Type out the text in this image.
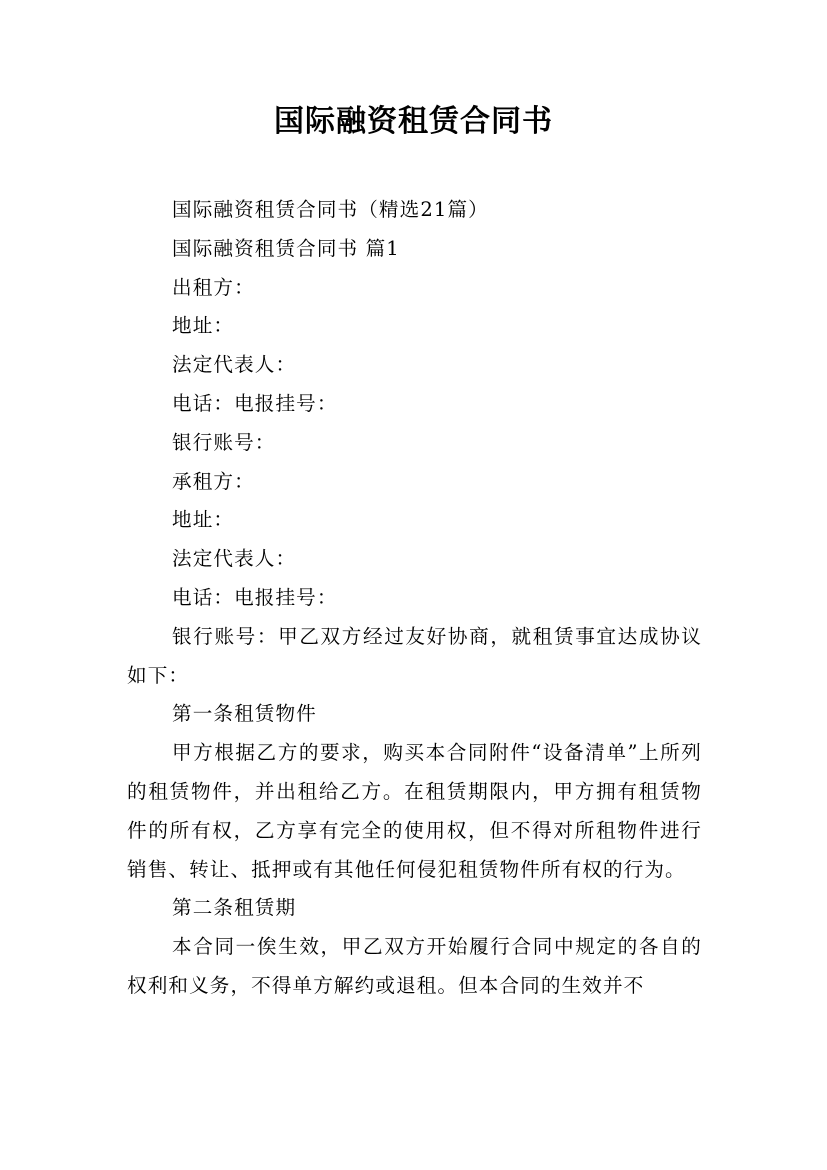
国际融资租赁合同书

国际融资租赁合同书（精选21篇）

国际融资租赁合同书 篇1

出租方：

地址：

法定代表人：

电话：电报挂号：

银行账号：

承租方：

地址：

法定代表人：

电话：电报挂号：

银行账号：甲乙双方经过友好协商，就租赁事宜达成协议如下：

第一条租赁物件

甲方根据乙方的要求，购买本合同附件“设备清单”上所列的租赁物件，并出租给乙方。在租赁期限内，甲方拥有租赁物件的所有权，乙方享有完全的使用权，但不得对所租物件进行销售、转让、抵押或有其他任何侵犯租赁物件所有权的行为。

第二条租赁期

本合同一俟生效，甲乙双方开始履行合同中规定的各自的权利和义务，不得单方解约或退租。但本合同的生效并不
